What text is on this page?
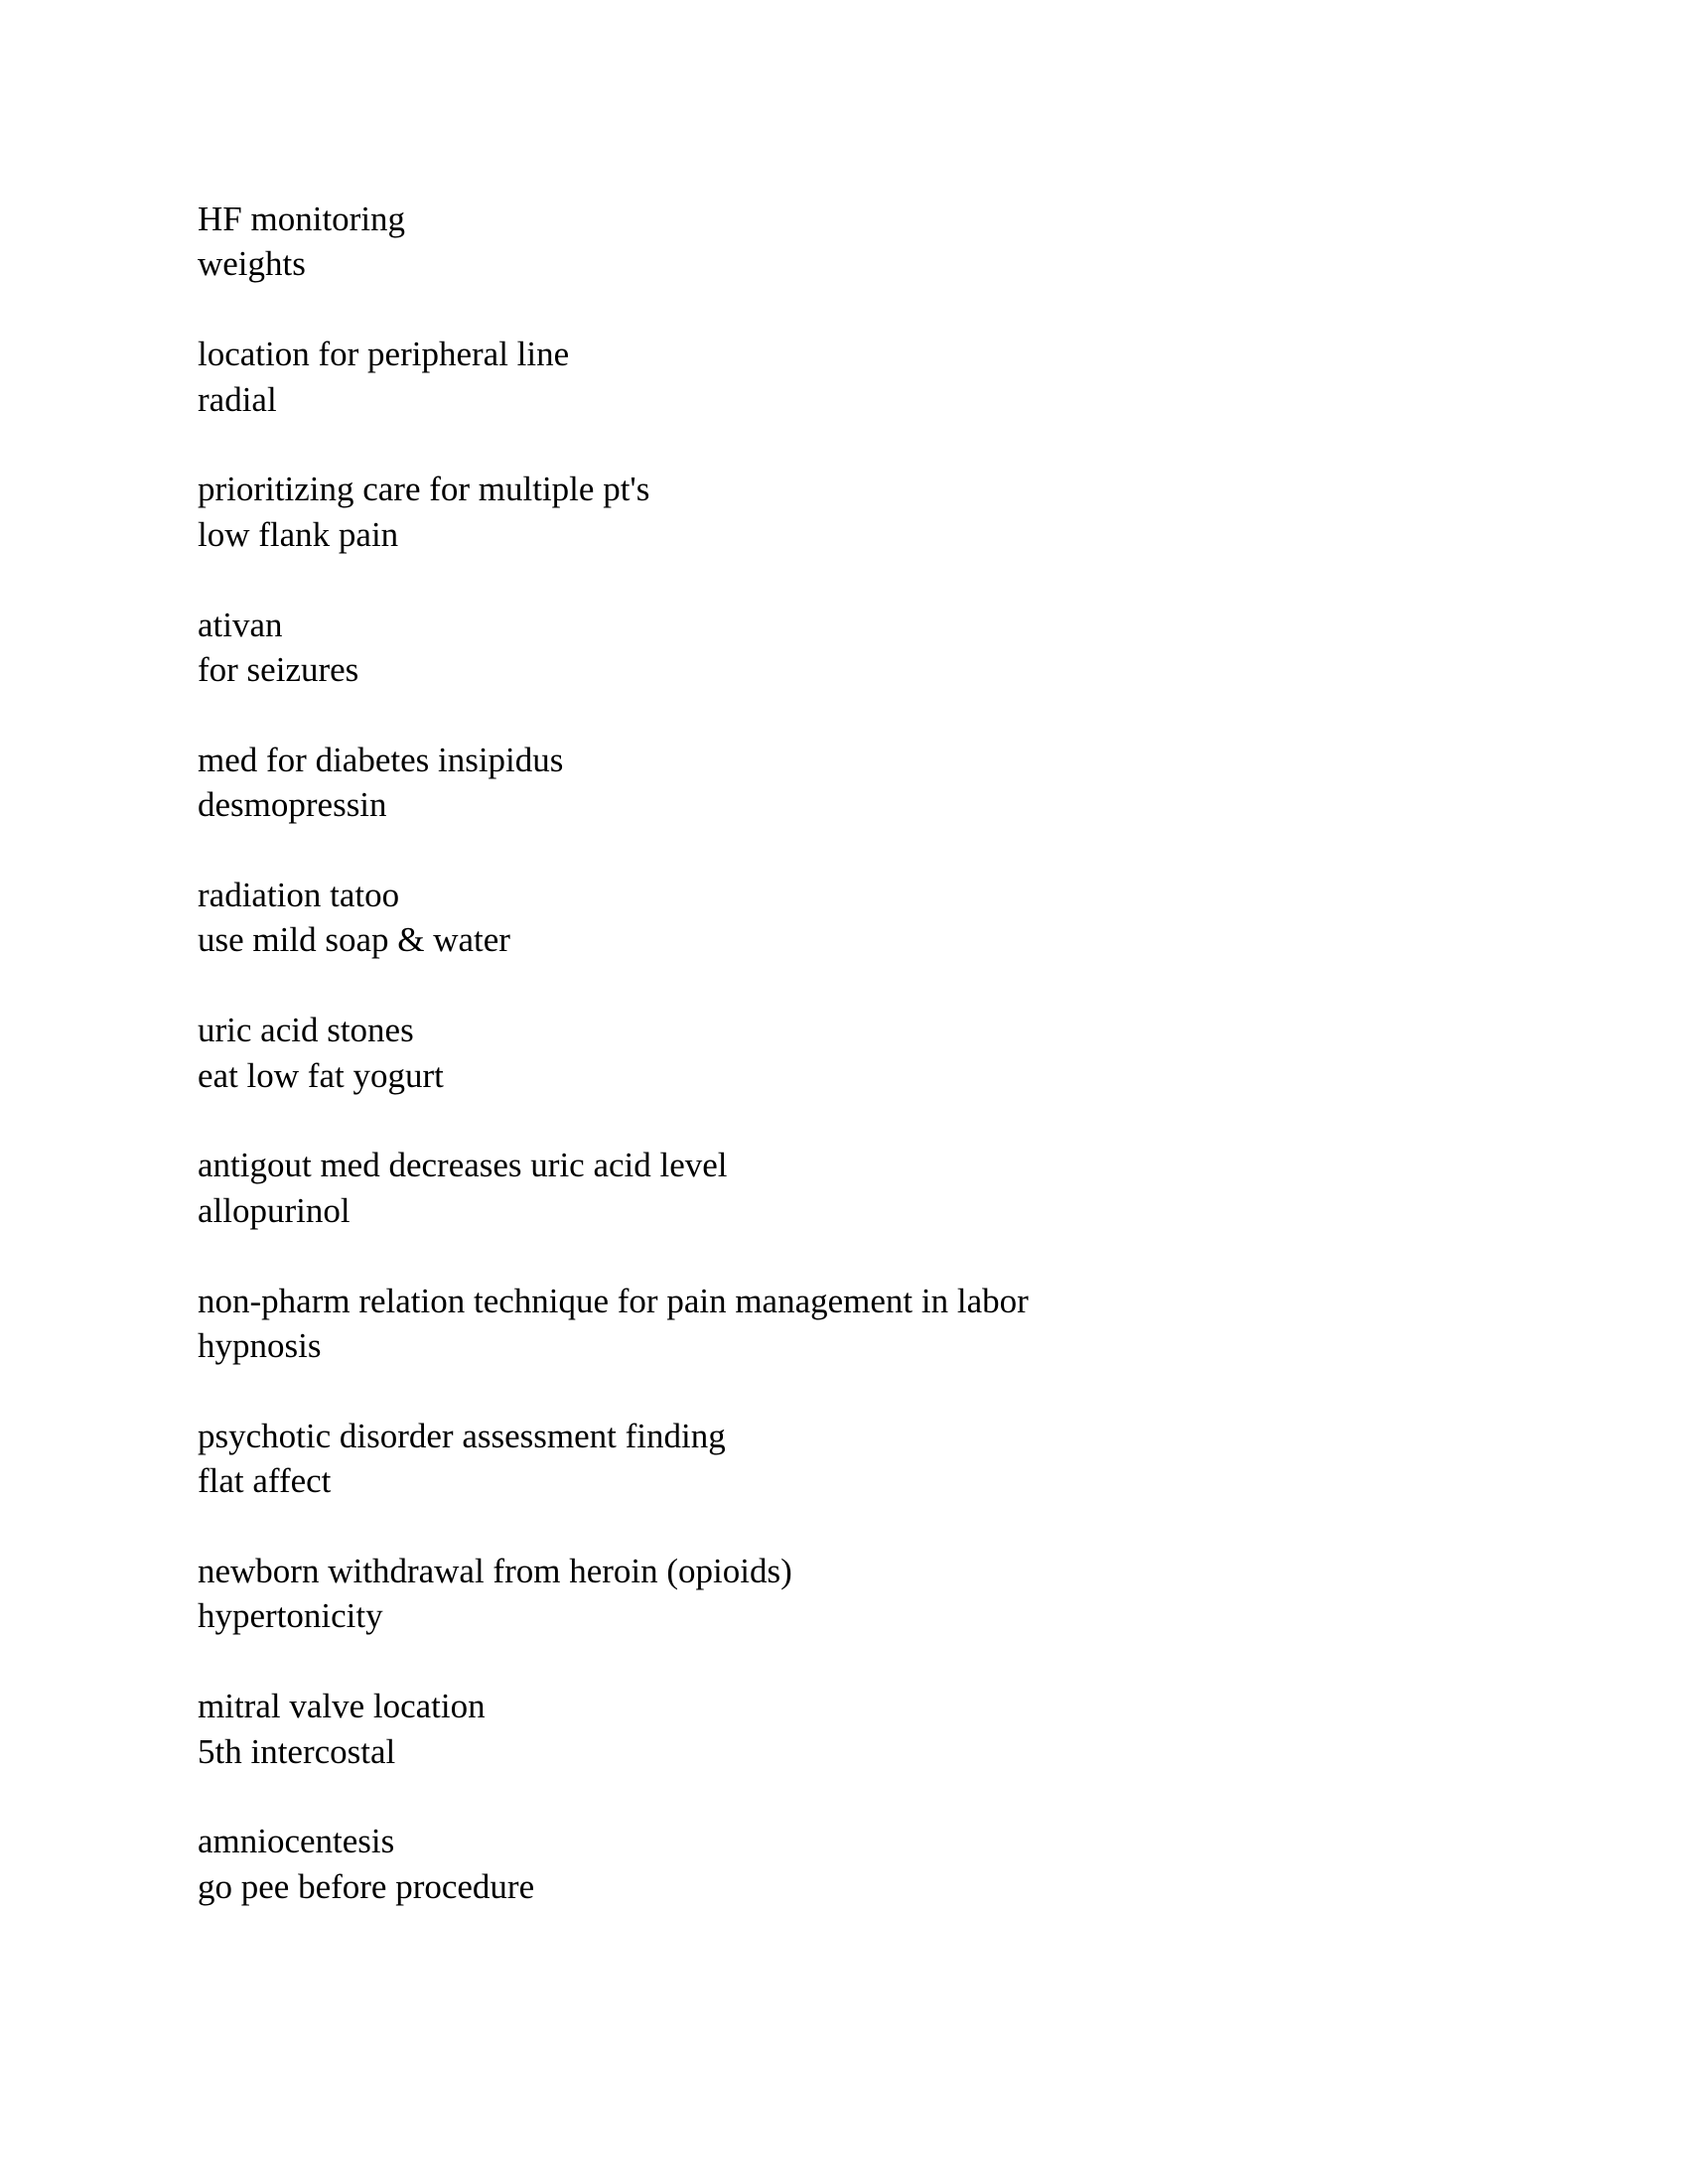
HF monitoring
weights
location for peripheral line
radial
prioritizing care for multiple pt's
low flank pain
ativan
for seizures
med for diabetes insipidus
desmopressin
radiation tatoo
use mild soap & water
uric acid stones
eat low fat yogurt
antigout med decreases uric acid level
allopurinol
non-pharm relation technique for pain management in labor
hypnosis
psychotic disorder assessment finding
flat affect
newborn withdrawal from heroin (opioids)
hypertonicity
mitral valve location
5th intercostal
amniocentesis
go pee before procedure
